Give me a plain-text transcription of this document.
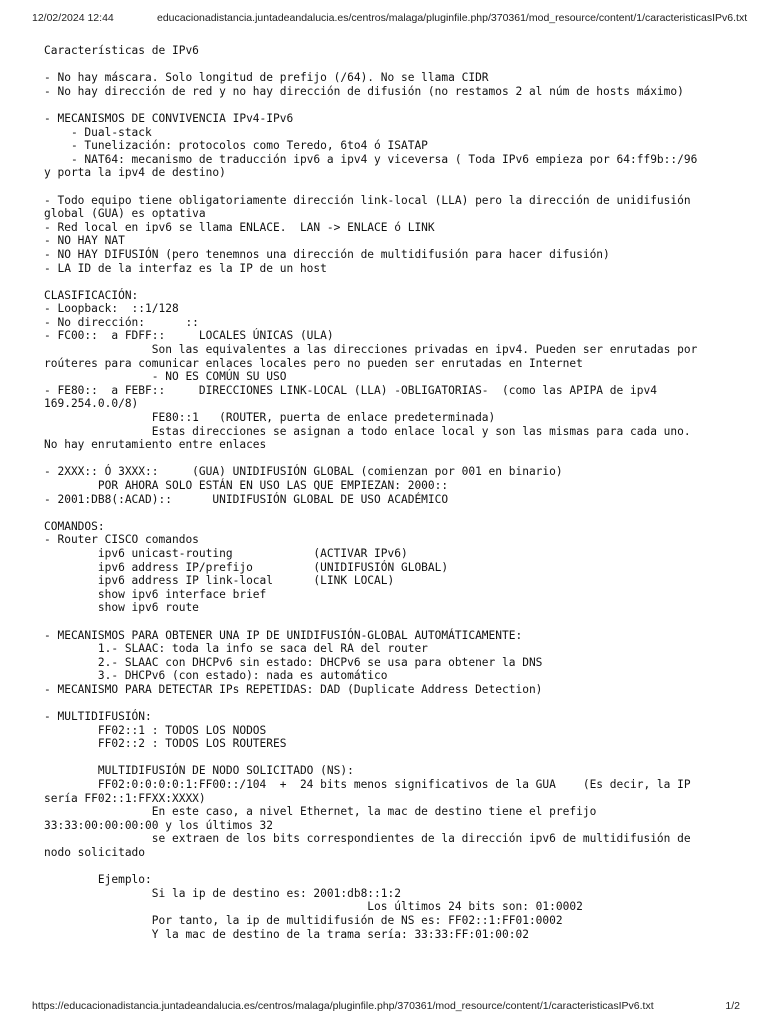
12/02/2024 12:44	educacionadistancia.juntadeandalucia.es/centros/malaga/pluginfile.php/370361/mod_resource/content/1/caracteristicasIPv6.txt
Características de IPv6
- No hay máscara. Solo longitud de prefijo (/64). No se llama CIDR
- No hay dirección de red y no hay dirección de difusión (no restamos 2 al núm de hosts máximo)
- MECANISMOS DE CONVIVENCIA IPv4-IPv6
- Dual-stack
- Tunelización: protocolos como Teredo, 6to4 ó ISATAP
- NAT64: mecanismo de traducción ipv6 a ipv4 y viceversa ( Toda IPv6 empieza por 64:ff9b::/96
y porta la ipv4 de destino)
- Todo equipo tiene obligatoriamente dirección link-local (LLA) pero la dirección de unidifusión
global (GUA) es optativa
- Red local en ipv6 se llama ENLACE.  LAN -> ENLACE ó LINK
- NO HAY NAT
- NO HAY DIFUSIÓN (pero tenemnos una dirección de multidifusión para hacer difusión)
- LA ID de la interfaz es la IP de un host
CLASIFICACIÓN:
- Loopback:  ::1/128
- No dirección:      ::
- FC00::  a FDFF::     LOCALES ÚNICAS (ULA)
Son las equivalentes a las direcciones privadas en ipv4. Pueden ser enrutadas por
roúteres para comunicar enlaces locales pero no pueden ser enrutadas en Internet
- NO ES COMÚN SU USO
- FE80::  a FEBF::     DIRECCIONES LINK-LOCAL (LLA) -OBLIGATORIAS-  (como las APIPA de ipv4
169.254.0.0/8)
FE80::1   (ROUTER, puerta de enlace predeterminada)
Estas direcciones se asignan a todo enlace local y son las mismas para cada uno.
No hay enrutamiento entre enlaces
- 2XXX:: Ó 3XXX::     (GUA) UNIDIFUSIÓN GLOBAL (comienzan por 001 en binario)
POR AHORA SOLO ESTÁN EN USO LAS QUE EMPIEZAN: 2000::
- 2001:DB8(:ACAD)::      UNIDIFUSIÓN GLOBAL DE USO ACADÉMICO
COMANDOS:
- Router CISCO comandos
ipv6 unicast-routing            (ACTIVAR IPv6)
ipv6 address IP/prefijo         (UNIDIFUSIÓN GLOBAL)
ipv6 address IP link-local      (LINK LOCAL)
show ipv6 interface brief
show ipv6 route
- MECANISMOS PARA OBTENER UNA IP DE UNIDIFUSIÓN-GLOBAL AUTOMÁTICAMENTE:
1.- SLAAC: toda la info se saca del RA del router
2.- SLAAC con DHCPv6 sin estado: DHCPv6 se usa para obtener la DNS
3.- DHCPv6 (con estado): nada es automático
- MECANISMO PARA DETECTAR IPs REPETIDAS: DAD (Duplicate Address Detection)
- MULTIDIFUSIÓN:
FF02::1 : TODOS LOS NODOS
FF02::2 : TODOS LOS ROUTERES
MULTIDIFUSIÓN DE NODO SOLICITADO (NS):
FF02:0:0:0:0:1:FF00::/104  +  24 bits menos significativos de la GUA    (Es decir, la IP
sería FF02::1:FFXX:XXXX)
En este caso, a nivel Ethernet, la mac de destino tiene el prefijo
33:33:00:00:00:00 y los últimos 32
se extraen de los bits correspondientes de la dirección ipv6 de multidifusión de
nodo solicitado
Ejemplo:
Si la ip de destino es: 2001:db8::1:2
Los últimos 24 bits son: 01:0002
Por tanto, la ip de multidifusión de NS es: FF02::1:FF01:0002
Y la mac de destino de la trama sería: 33:33:FF:01:00:02
https://educacionadistancia.juntadeandalucia.es/centros/malaga/pluginfile.php/370361/mod_resource/content/1/caracteristicasIPv6.txt	1/2
